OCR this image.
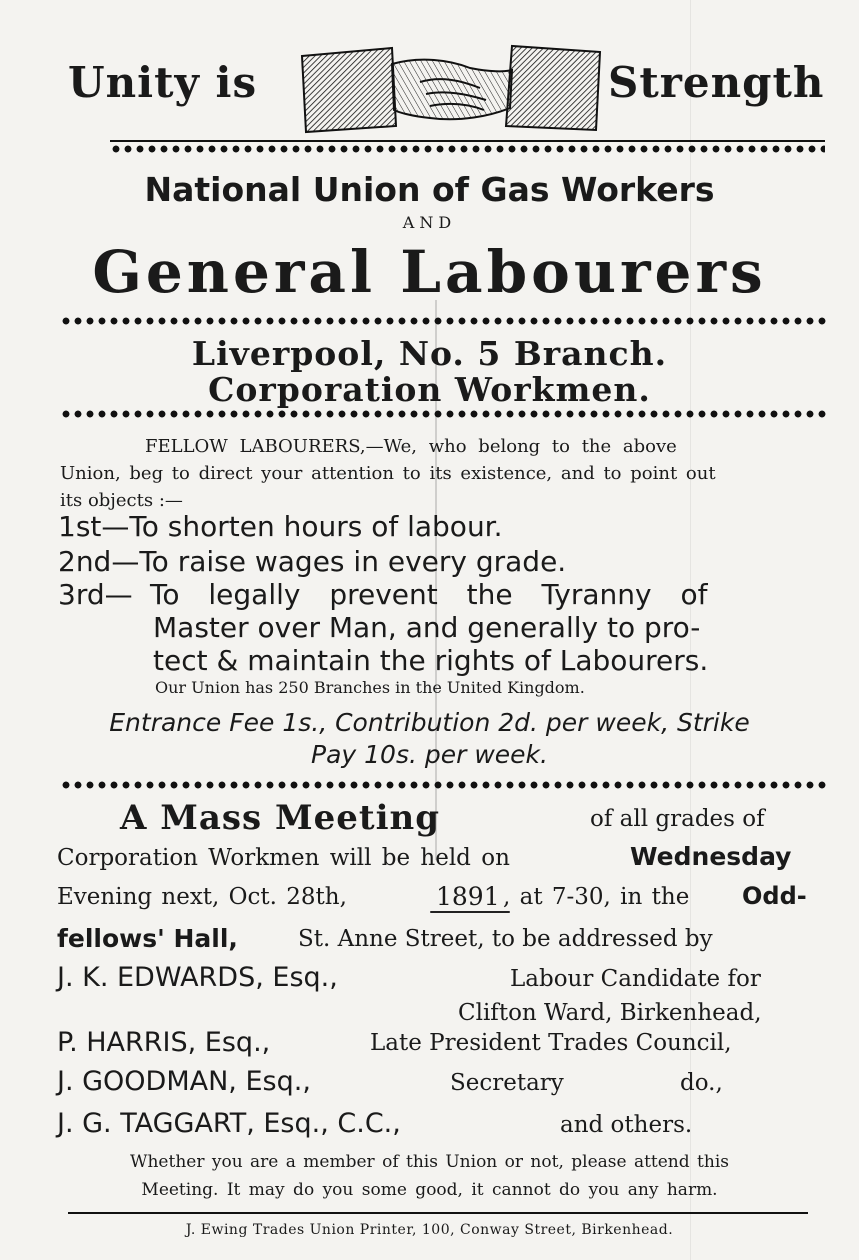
Unity is	Strength
National Union of Gas Workers
AND
General Labourers
Liverpool, No. 5 Branch.
Corporation Workmen.
FELLOW LABOURERS,—We, who belong to the above
Union, beg to direct your attention to its existence, and to point out
its objects :—
1st—To shorten hours of labour.
2nd—To raise wages in every grade.
3rd— To legally prevent the Tyranny of
Master over Man, and generally to pro-
tect & maintain the rights of Labourers.
Our Union has 250 Branches in the United Kingdom.
Entrance Fee 1s., Contribution 2d. per week, Strike
Pay 10s. per week.
A Mass Meeting	of all grades of
Corporation Workmen will be held on	Wednesday
Evening next, Oct. 28th,	1891 , at 7-30, in the Odd-
fellows' Hall,	St. Anne Street, to be addressed by
J. K. EDWARDS, Esq.,	Labour Candidate for
Clifton Ward, Birkenhead,
P. HARRIS, Esq.,	Late President Trades Council,
J. GOODMAN, Esq.,	Secretary	do.,
J. G. TAGGART, Esq., C.C.,	and others.
Whether you are a member of this Union or not, please attend this
Meeting. It may do you some good, it cannot do you any harm.
J. Ewing Trades Union Printer, 100, Conway Street, Birkenhead.
